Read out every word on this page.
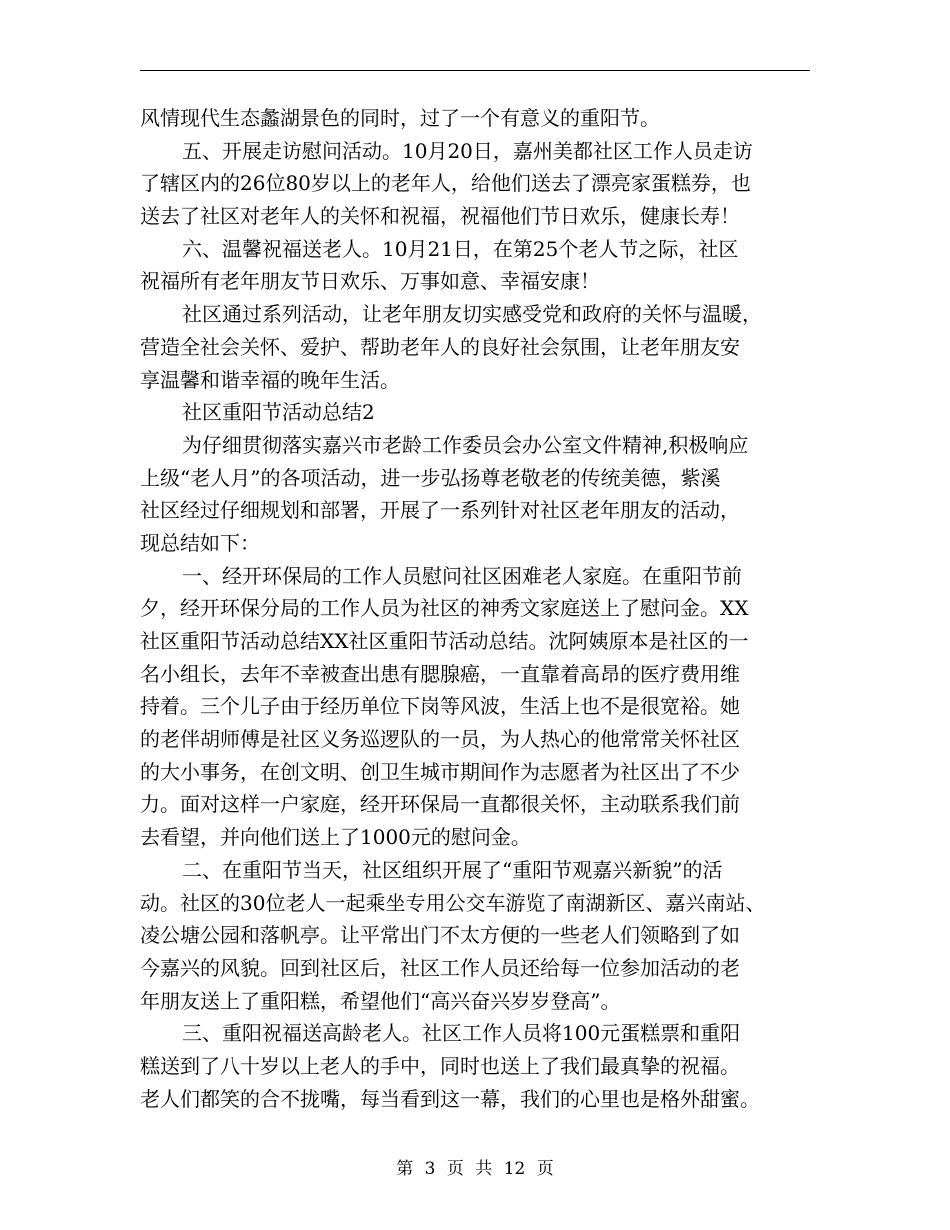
风情现代生态蠡湖景色的同时，过了一个有意义的重阳节。
五、开展走访慰问活动。10月20日，嘉州美都社区工作人员走访
了辖区内的26位80岁以上的老年人，给他们送去了漂亮家蛋糕券，也
送去了社区对老年人的关怀和祝福，祝福他们节日欢乐，健康长寿！
六、温馨祝福送老人。10月21日，在第25个老人节之际，社区
祝福所有老年朋友节日欢乐、万事如意、幸福安康！
社区通过系列活动，让老年朋友切实感受党和政府的关怀与温暖，
营造全社会关怀、爱护、帮助老年人的良好社会氛围，让老年朋友安
享温馨和谐幸福的晚年生活。
社区重阳节活动总结2
为仔细贯彻落实嘉兴市老龄工作委员会办公室文件精神,积极响应
上级“老人月”的各项活动，进一步弘扬尊老敬老的传统美德，紫溪
社区经过仔细规划和部署，开展了一系列针对社区老年朋友的活动，
现总结如下：
一、经开环保局的工作人员慰问社区困难老人家庭。在重阳节前
夕，经开环保分局的工作人员为社区的神秀文家庭送上了慰问金。XX
社区重阳节活动总结XX社区重阳节活动总结。沈阿姨原本是社区的一
名小组长，去年不幸被查出患有腮腺癌，一直靠着高昂的医疗费用维
持着。三个儿子由于经历单位下岗等风波，生活上也不是很宽裕。她
的老伴胡师傅是社区义务巡逻队的一员，为人热心的他常常关怀社区
的大小事务，在创文明、创卫生城市期间作为志愿者为社区出了不少
力。面对这样一户家庭，经开环保局一直都很关怀，主动联系我们前
去看望，并向他们送上了1000元的慰问金。
二、在重阳节当天，社区组织开展了“重阳节观嘉兴新貌”的活
动。社区的30位老人一起乘坐专用公交车游览了南湖新区、嘉兴南站、
凌公塘公园和落帆亭。让平常出门不太方便的一些老人们领略到了如
今嘉兴的风貌。回到社区后，社区工作人员还给每一位参加活动的老
年朋友送上了重阳糕，希望他们“高兴奋兴岁岁登高”。
三、重阳祝福送高龄老人。社区工作人员将100元蛋糕票和重阳
糕送到了八十岁以上老人的手中，同时也送上了我们最真挚的祝福。
老人们都笑的合不拢嘴，每当看到这一幕，我们的心里也是格外甜蜜。
第 3 页 共 12 页
